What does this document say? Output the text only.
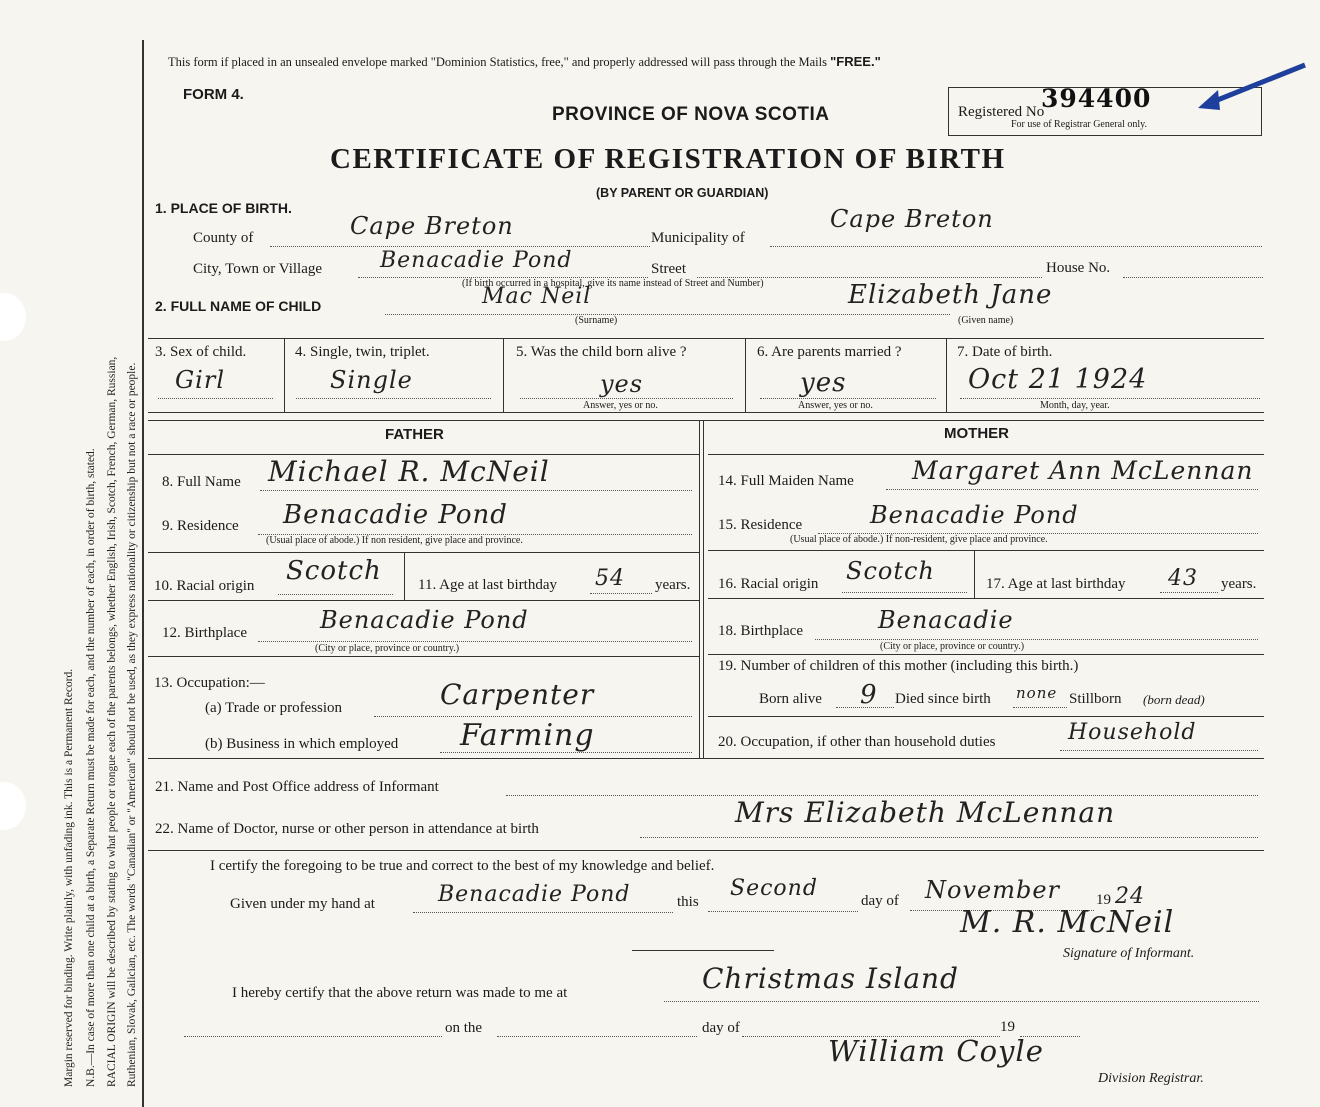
Margin reserved for binding. Write plainly, with unfading ink. This is a Permanent Record. N.B.—In case of more than one child at a birth, a Separate Return must be made for each, and the number of each, in order of birth, stated. RACIAL ORIGIN will be described by stating to what people or tongue each of the parents belongs, whether English, Irish, Scotch, French, German, Russian, Ruthenian, Slovak, Galician, etc. The words "Canadian" or "American" should not be used, as they express nationality or citizenship but not a race or people.
This form if placed in an unsealed envelope marked "Dominion Statistics, free," and properly addressed will pass through the Mails "FREE."
FORM 4.
PROVINCE OF NOVA SCOTIA
CERTIFICATE OF REGISTRATION OF BIRTH
(BY PARENT OR GUARDIAN)
Registered No
394400
For use of Registrar General only.
1. PLACE OF BIRTH.
County of	Cape Breton	Municipality of
Cape Breton
City, Town or Village	Benacadie Pond	Street	House No.
(If birth occurred in a hospital, give its name instead of Street and Number)
2. FULL NAME OF CHILD	Mac Neil
(Surname)
Elizabeth Jane
(Given name)
3. Sex of child.
Girl
4. Single, twin, triplet.
Single
5. Was the child born alive ?
yes
Answer, yes or no.
6. Are parents married ?
yes
Answer, yes or no.
7. Date of birth.
Oct 21 1924
Month, day, year.
FATHER	MOTHER
8. Full Name Michael R. McNeil
9. Residence Benacadie Pond
(Usual place of abode.) If non resident, give place and province.
10. Racial origin Scotch 11. Age at last birthday 54 years.
12. Birthplace	Benacadie Pond
(City or place, province or country.)
13. Occupation:—
(a) Trade or profession	Carpenter
(b) Business in which employed Farming
14. Full Maiden Name Margaret Ann McLennan
15. Residence	Benacadie Pond
(Usual place of abode.) If non-resident, give place and province.
16. Racial origin Scotch	17. Age at last birthday 43 years.
18. Birthplace	Benacadie
(City or place, province or country.)
19. Number of children of this mother (including this birth.)
Born alive 9 Died since birth none Stillborn (born dead)
20. Occupation, if other than household duties	Household
21. Name and Post Office address of Informant
22. Name of Doctor, nurse or other person in attendance at birth	Mrs Elizabeth McLennan
I certify the foregoing to be true and correct to the best of my knowledge and belief.
Given under my hand at	Benacadie Pond	this
Second	day of November 19 24
M. R. McNeil
Signature of Informant.
I hereby certify that the above return was made to me at	Christmas Island
on the	day of	19
William Coyle
Division Registrar.
